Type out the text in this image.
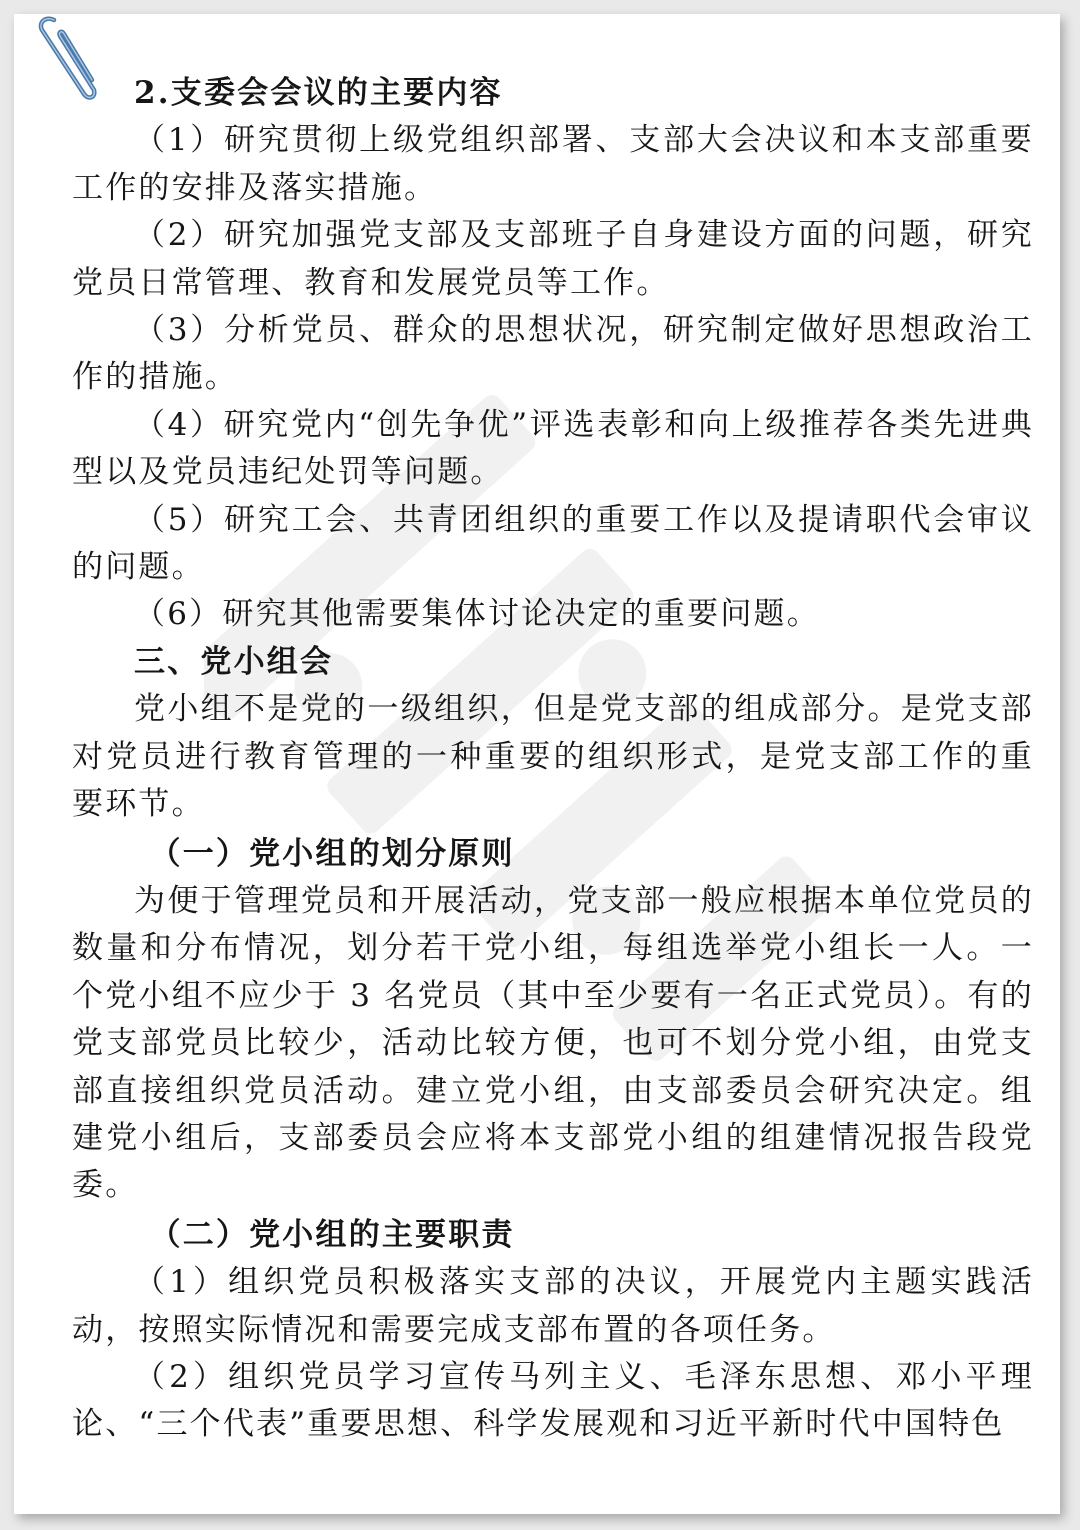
2.支委会会议的主要内容

（1）研究贯彻上级党组织部署、支部大会决议和本支部重要工作的安排及落实措施。

（2）研究加强党支部及支部班子自身建设方面的问题，研究党员日常管理、教育和发展党员等工作。

（3）分析党员、群众的思想状况，研究制定做好思想政治工作的措施。

（4）研究党内“创先争优”评选表彰和向上级推荐各类先进典型以及党员违纪处罚等问题。

（5）研究工会、共青团组织的重要工作以及提请职代会审议的问题。

（6）研究其他需要集体讨论决定的重要问题。

三、党小组会

党小组不是党的一级组织，但是党支部的组成部分。是党支部对党员进行教育管理的一种重要的组织形式，是党支部工作的重要环节。

（一）党小组的划分原则

为便于管理党员和开展活动，党支部一般应根据本单位党员的数量和分布情况，划分若干党小组，每组选举党小组长一人。一个党小组不应少于 3 名党员（其中至少要有一名正式党员）。有的党支部党员比较少，活动比较方便，也可不划分党小组，由党支部直接组织党员活动。建立党小组，由支部委员会研究决定。组建党小组后，支部委员会应将本支部党小组的组建情况报告段党委。

（二）党小组的主要职责

（1）组织党员积极落实支部的决议，开展党内主题实践活动，按照实际情况和需要完成支部布置的各项任务。

（2）组织党员学习宣传马列主义、毛泽东思想、邓小平理论、“三个代表”重要思想、科学发展观和习近平新时代中国特色
